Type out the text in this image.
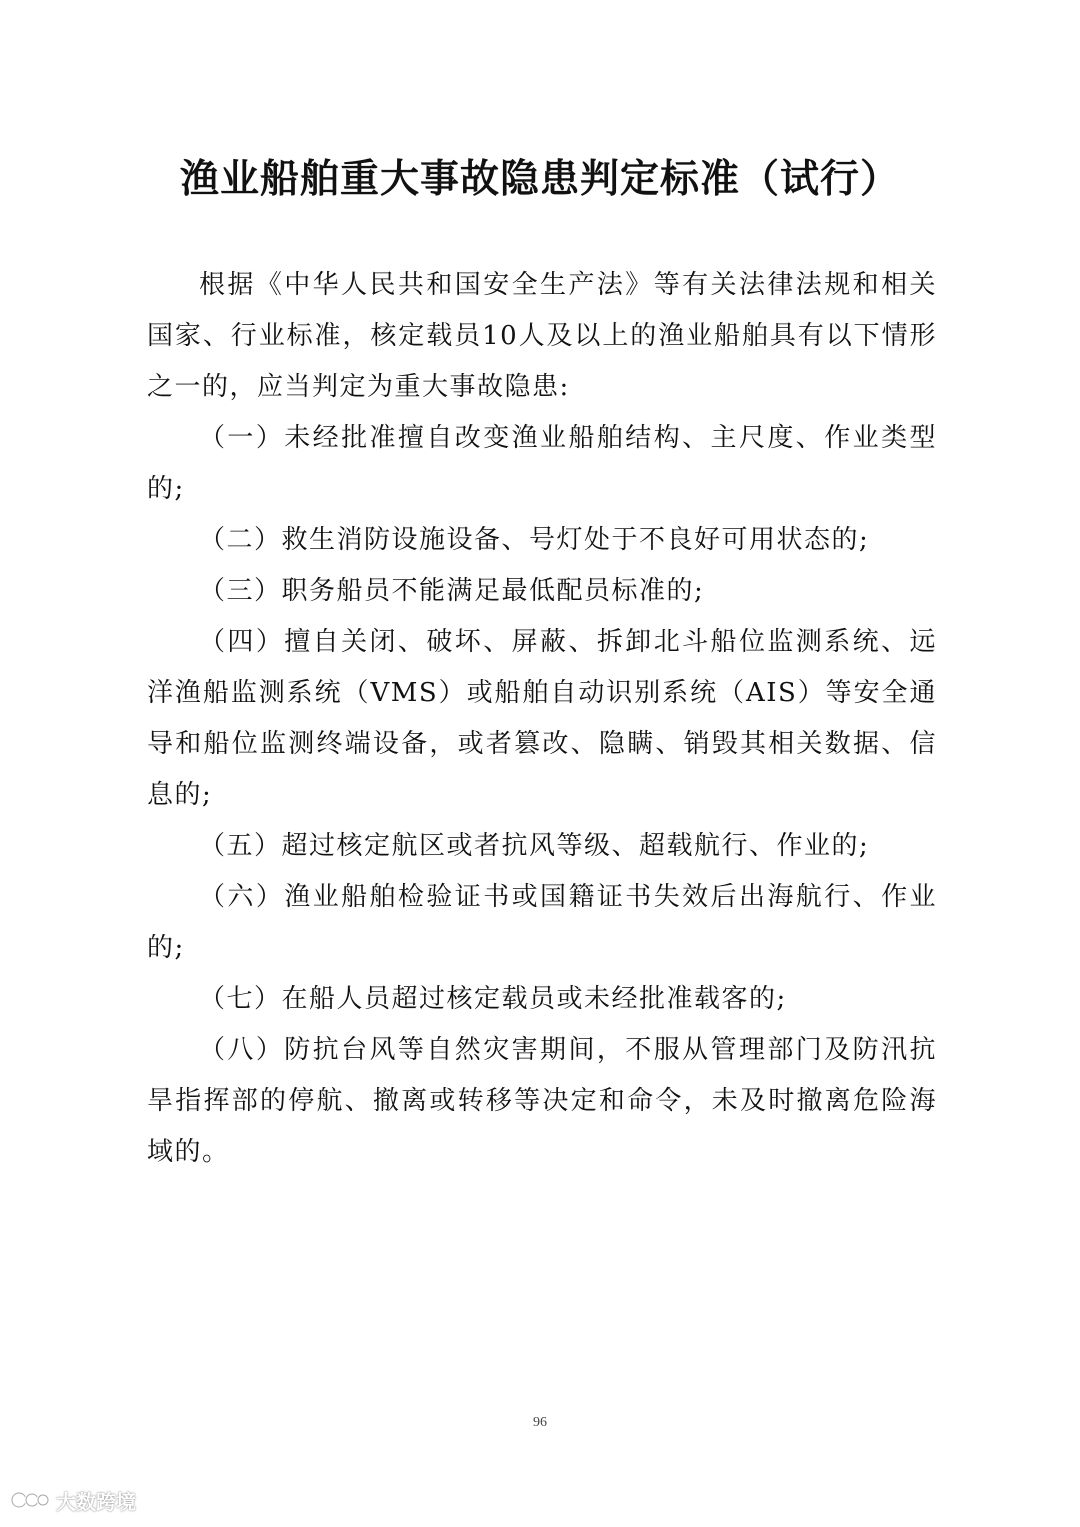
渔业船舶重大事故隐患判定标准（试行）

根据《中华人民共和国安全生产法》等有关法律法规和相关国家、行业标准，核定载员10人及以上的渔业船舶具有以下情形之一的，应当判定为重大事故隐患:

（一）未经批准擅自改变渔业船舶结构、主尺度、作业类型的;

（二）救生消防设施设备、号灯处于不良好可用状态的;

（三）职务船员不能满足最低配员标准的;

（四）擅自关闭、破坏、屏蔽、拆卸北斗船位监测系统、远洋渔船监测系统（VMS）或船舶自动识别系统（AIS）等安全通导和船位监测终端设备，或者篡改、隐瞒、销毁其相关数据、信息的;

（五）超过核定航区或者抗风等级、超载航行、作业的;

（六）渔业船舶检验证书或国籍证书失效后出海航行、作业的;

（七）在船人员超过核定载员或未经批准载客的;

（八）防抗台风等自然灾害期间，不服从管理部门及防汛抗旱指挥部的停航、撤离或转移等决定和命令，未及时撤离危险海域的。

96
大数跨境
